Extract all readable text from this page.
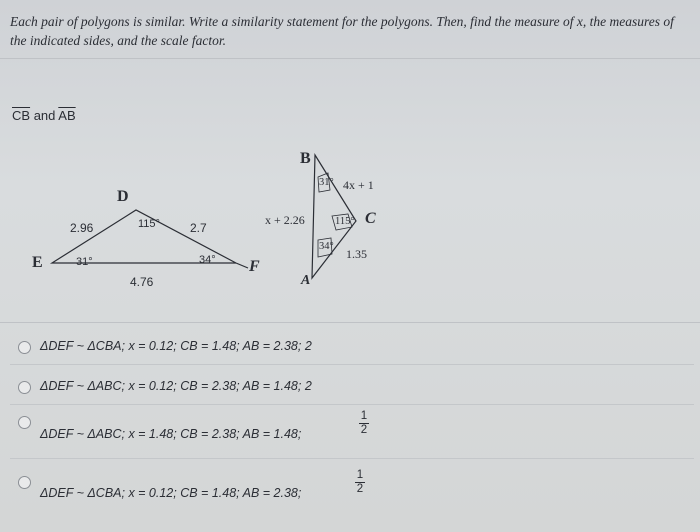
Each pair of polygons is similar. Write a similarity statement for the polygons. Then, find the measure of x, the measures of the indicated sides, and the scale factor.
$\overline{CB}$ and $\overline{AB}$
D
E	F
2.96	2.7
4.76
115°
31°	34°
B
C
A
4x + 1
x + 2.26
1.35
31°
115°
34°
ΔDEF ~ ΔCBA; x = 0.12; CB = 1.48; AB = 2.38; 2
ΔDEF ~ ΔABC; x = 0.12; CB = 2.38; AB = 1.48; 2
ΔDEF ~ ΔABC; x = 1.48; CB = 2.38; AB = 1.48;	$\frac{1}{2}$
ΔDEF ~ ΔCBA; x = 0.12; CB = 1.48; AB = 2.38;	$\frac{1}{2}$
